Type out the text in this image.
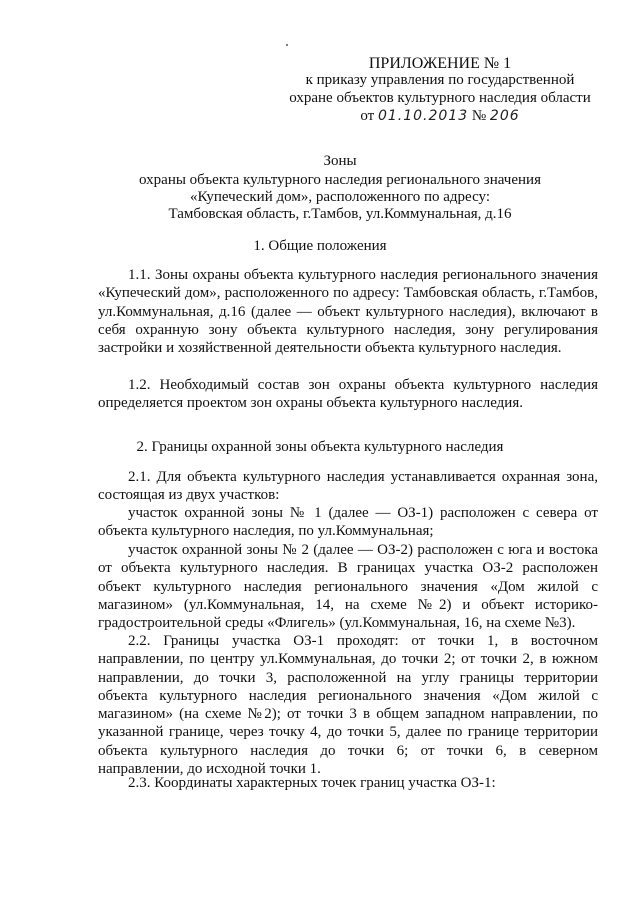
ПРИЛОЖЕНИЕ № 1
к приказу управления по государственной
охране объектов культурного наследия области
от 01.10.2013 № 206
Зоны
охраны объекта культурного наследия регионального значения
«Купеческий дом», расположенного по адресу:
Тамбовская область, г.Тамбов, ул.Коммунальная, д.16
1. Общие положения

1.1. Зоны охраны объекта культурного наследия регионального значения «Купеческий дом», расположенного по адресу: Тамбовская область, г.Тамбов, ул.Коммунальная, д.16 (далее — объект культурного наследия), включают в себя охранную зону объекта культурного наследия, зону регулирования застройки и хозяйственной деятельности объекта культурного наследия.

1.2. Необходимый состав зон охраны объекта культурного наследия определяется проектом зон охраны объекта культурного наследия.

2. Границы охранной зоны объекта культурного наследия

2.1. Для объекта культурного наследия устанавливается охранная зона, состоящая из двух участков:

участок охранной зоны № 1 (далее — ОЗ-1) расположен с севера от объекта культурного наследия, по ул.Коммунальная;

участок охранной зоны № 2 (далее — ОЗ-2) расположен с юга и востока от объекта культурного наследия. В границах участка ОЗ-2 расположен объект культурного наследия регионального значения «Дом жилой с магазином» (ул.Коммунальная, 14, на схеме №2) и объект историко-градостроительной среды «Флигель» (ул.Коммунальная, 16, на схеме №3).

2.2. Границы участка ОЗ-1 проходят: от точки 1, в восточном направлении, по центру ул.Коммунальная, до точки 2; от точки 2, в южном направлении, до точки 3, расположенной на углу границы территории объекта культурного наследия регионального значения «Дом жилой с магазином» (на схеме №2); от точки 3 в общем западном направлении, по указанной границе, через точку 4, до точки 5, далее по границе территории объекта культурного наследия до точки 6; от точки 6, в северном направлении, до исходной точки 1.

2.3. Координаты характерных точек границ участка ОЗ-1:
